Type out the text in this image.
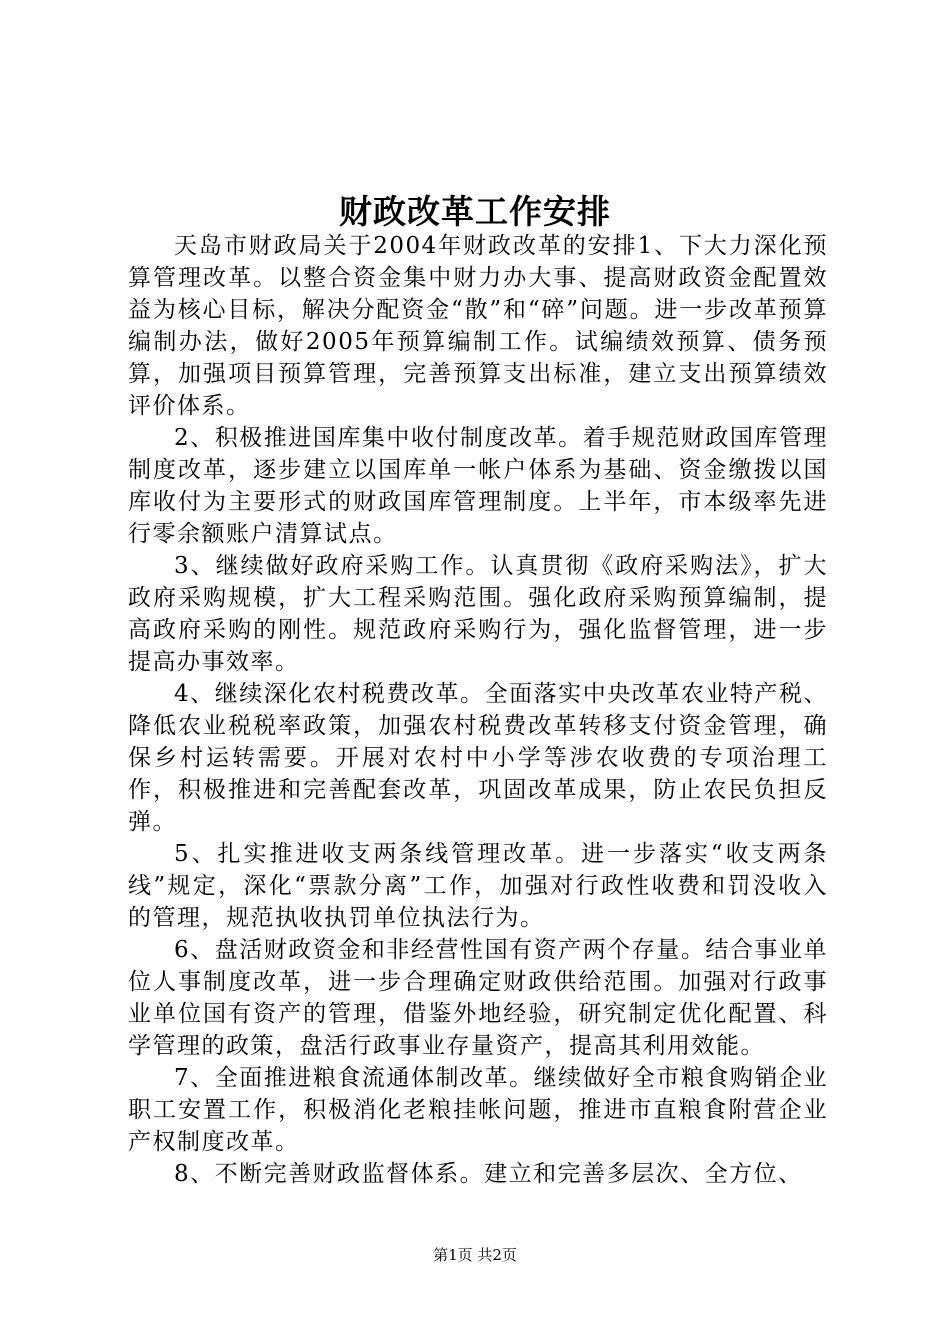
财政改革工作安排

天岛市财政局关于2004年财政改革的安排1、下大力深化预算管理改革。以整合资金集中财力办大事、提高财政资金配置效益为核心目标，解决分配资金“散”和“碎”问题。进一步改革预算编制办法，做好2005年预算编制工作。试编绩效预算、债务预算，加强项目预算管理，完善预算支出标准，建立支出预算绩效评价体系。

2、积极推进国库集中收付制度改革。着手规范财政国库管理制度改革，逐步建立以国库单一帐户体系为基础、资金缴拨以国库收付为主要形式的财政国库管理制度。上半年，市本级率先进行零余额账户清算试点。

3、继续做好政府采购工作。认真贯彻《政府采购法》，扩大政府采购规模，扩大工程采购范围。强化政府采购预算编制，提高政府采购的刚性。规范政府采购行为，强化监督管理，进一步提高办事效率。

4、继续深化农村税费改革。全面落实中央改革农业特产税、降低农业税税率政策，加强农村税费改革转移支付资金管理，确保乡村运转需要。开展对农村中小学等涉农收费的专项治理工作，积极推进和完善配套改革，巩固改革成果，防止农民负担反弹。

5、扎实推进收支两条线管理改革。进一步落实“收支两条线”规定，深化“票款分离”工作，加强对行政性收费和罚没收入的管理，规范执收执罚单位执法行为。

6、盘活财政资金和非经营性国有资产两个存量。结合事业单位人事制度改革，进一步合理确定财政供给范围。加强对行政事业单位国有资产的管理，借鉴外地经验，研究制定优化配置、科学管理的政策，盘活行政事业存量资产，提高其利用效能。

7、全面推进粮食流通体制改革。继续做好全市粮食购销企业职工安置工作，积极消化老粮挂帐问题，推进市直粮食附营企业产权制度改革。

8、不断完善财政监督体系。建立和完善多层次、全方位、

第1页 共2页
